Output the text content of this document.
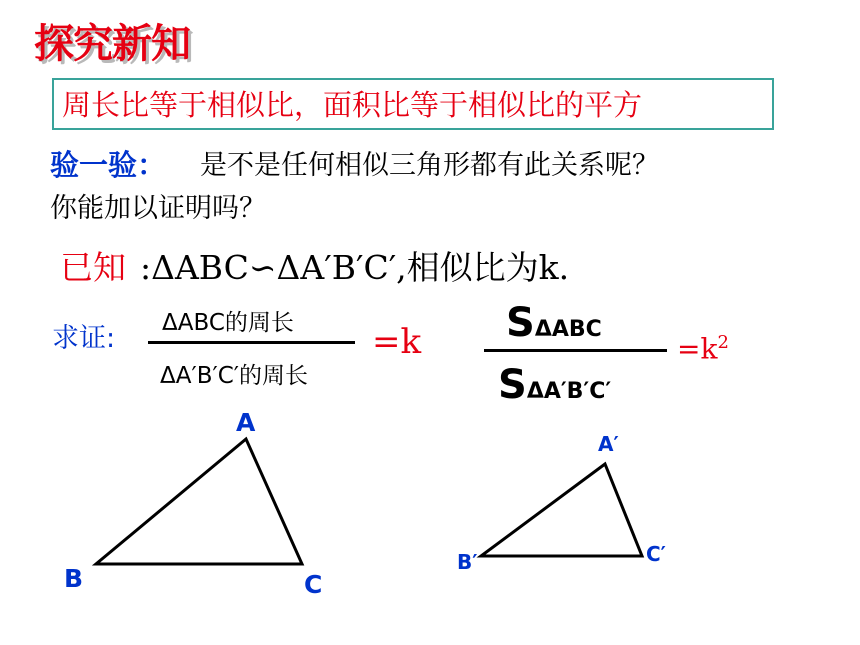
探究新知
周长比等于相似比，面积比等于相似比的平方
验一验： 是不是任何相似三角形都有此关系呢？
你能加以证明吗？
已知 :ΔABC∽ΔA′B′C′,相似比为k.
求证: ΔABC的周长
ΔA′B′C′的周长
=k SΔABC
SΔA′B′C′
$=k^2$
A
B	C
A′
B′	C′
